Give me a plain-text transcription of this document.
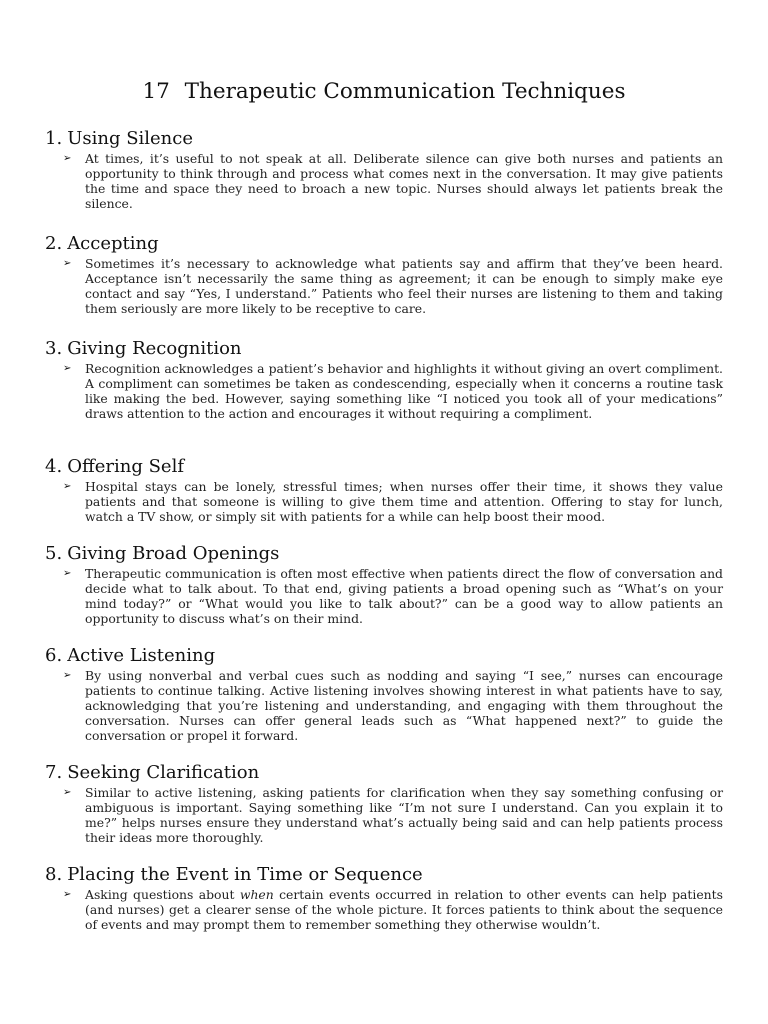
17 Therapeutic Communication Techniques
1. Using Silence
➢ At times, it’s useful to not speak at all. Deliberate silence can give both nurses and patients an opportunity to think through and process what comes next in the conversation. It may give patients the time and space they need to broach a new topic. Nurses should always let patients break the silence.

2. Accepting
➢ Sometimes it’s necessary to acknowledge what patients say and affirm that they’ve been heard. Acceptance isn’t necessarily the same thing as agreement; it can be enough to simply make eye contact and say “Yes, I understand.” Patients who feel their nurses are listening to them and taking them seriously are more likely to be receptive to care.

3. Giving Recognition
➢ Recognition acknowledges a patient’s behavior and highlights it without giving an overt compliment. A compliment can sometimes be taken as condescending, especially when it concerns a routine task like making the bed. However, saying something like “I noticed you took all of your medications” draws attention to the action and encourages it without requiring a compliment.

4. Offering Self
➢ Hospital stays can be lonely, stressful times; when nurses offer their time, it shows they value patients and that someone is willing to give them time and attention. Offering to stay for lunch, watch a TV show, or simply sit with patients for a while can help boost their mood.

5. Giving Broad Openings
➢ Therapeutic communication is often most effective when patients direct the flow of conversation and decide what to talk about. To that end, giving patients a broad opening such as “What’s on your mind today?” or “What would you like to talk about?” can be a good way to allow patients an opportunity to discuss what’s on their mind.

6. Active Listening
➢ By using nonverbal and verbal cues such as nodding and saying “I see,” nurses can encourage patients to continue talking. Active listening involves showing interest in what patients have to say, acknowledging that you’re listening and understanding, and engaging with them throughout the conversation. Nurses can offer general leads such as “What happened next?” to guide the conversation or propel it forward.

7. Seeking Clarification
➢ Similar to active listening, asking patients for clarification when they say something confusing or ambiguous is important. Saying something like “I’m not sure I understand. Can you explain it to me?” helps nurses ensure they understand what’s actually being said and can help patients process their ideas more thoroughly.

8. Placing the Event in Time or Sequence
➢ Asking questions about when certain events occurred in relation to other events can help patients (and nurses) get a clearer sense of the whole picture. It forces patients to think about the sequence of events and may prompt them to remember something they otherwise wouldn’t.
